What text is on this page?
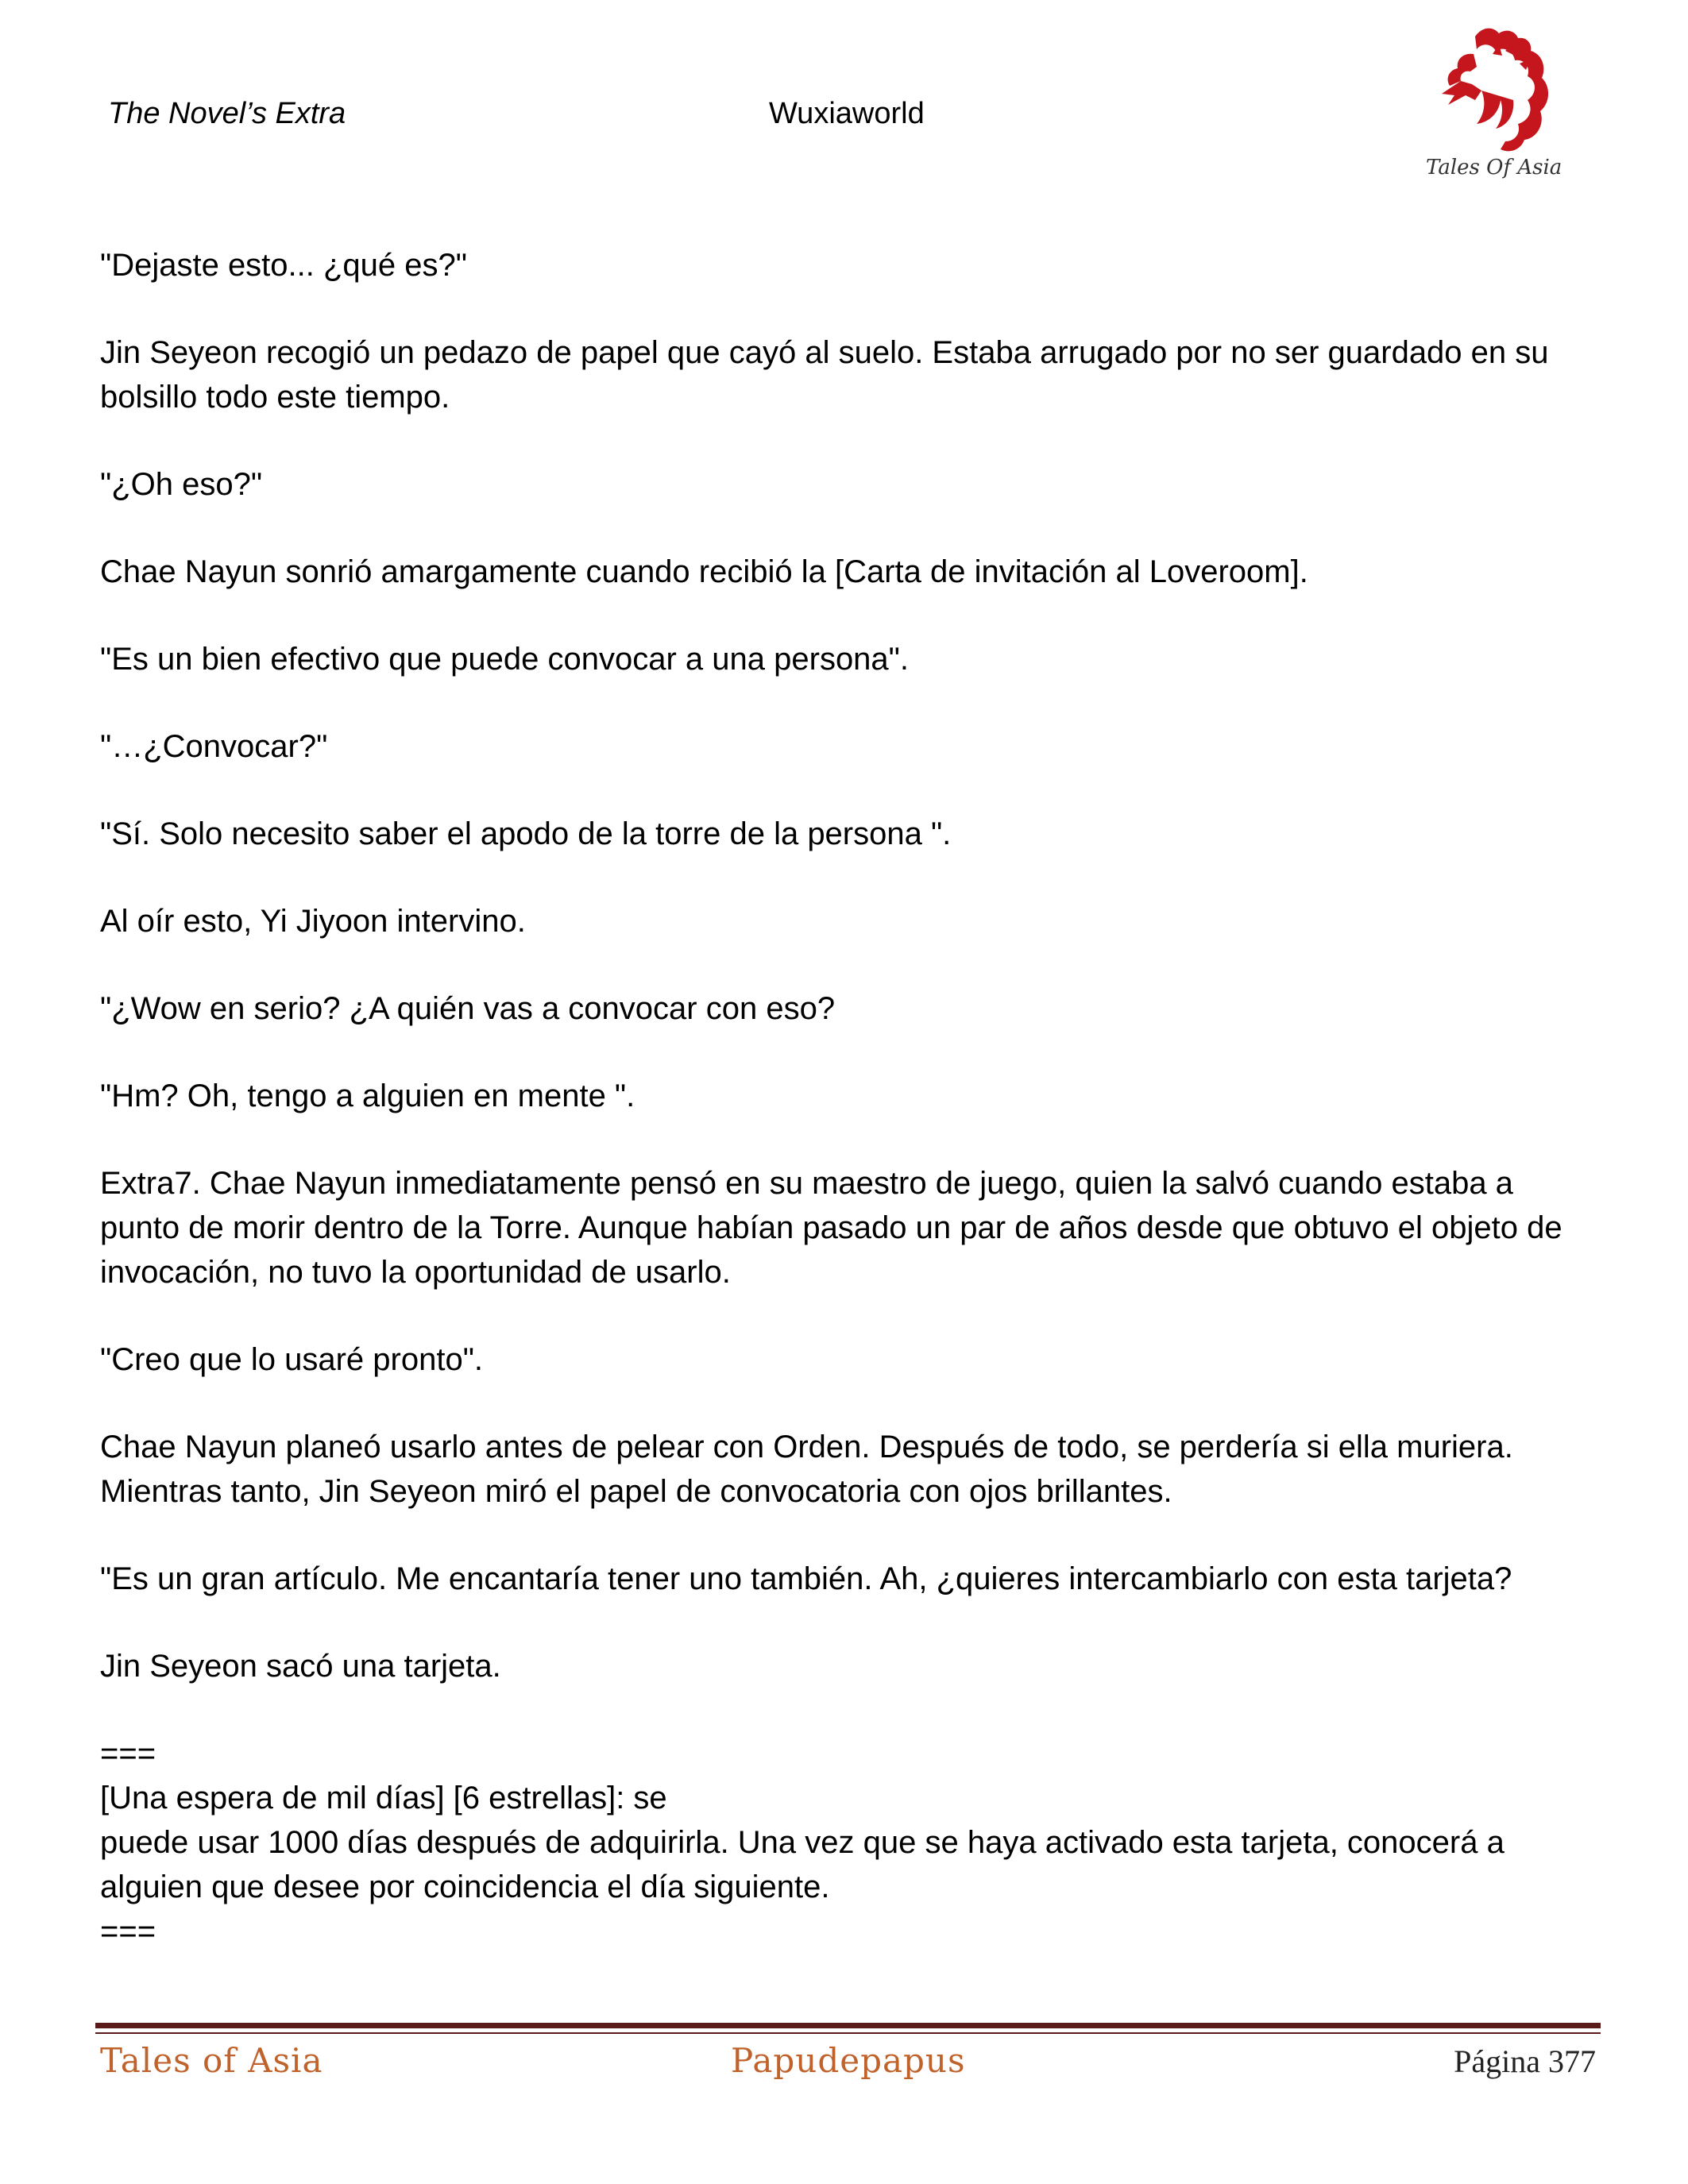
The Novel’s Extra	Wuxiaworld
Tales Of Asia

"Dejaste esto... ¿qué es?"

Jin Seyeon recogió un pedazo de papel que cayó al suelo. Estaba arrugado por no ser guardado en su bolsillo todo este tiempo.

"¿Oh eso?"

Chae Nayun sonrió amargamente cuando recibió la [Carta de invitación al Loveroom].

"Es un bien efectivo que puede convocar a una persona".

"…¿Convocar?"

"Sí. Solo necesito saber el apodo de la torre de la persona ".

Al oír esto, Yi Jiyoon intervino.

"¿Wow en serio? ¿A quién vas a convocar con eso?

"Hm? Oh, tengo a alguien en mente ".

Extra7. Chae Nayun inmediatamente pensó en su maestro de juego, quien la salvó cuando estaba a punto de morir dentro de la Torre. Aunque habían pasado un par de años desde que obtuvo el objeto de invocación, no tuvo la oportunidad de usarlo.

"Creo que lo usaré pronto".

Chae Nayun planeó usarlo antes de pelear con Orden. Después de todo, se perdería si ella muriera. Mientras tanto, Jin Seyeon miró el papel de convocatoria con ojos brillantes.

"Es un gran artículo. Me encantaría tener uno también. Ah, ¿quieres intercambiarlo con esta tarjeta?

Jin Seyeon sacó una tarjeta.

===

[Una espera de mil días] [6 estrellas]: se

puede usar 1000 días después de adquirirla. Una vez que se haya activado esta tarjeta, conocerá a alguien que desee por coincidencia el día siguiente.

===

Tales of Asia	Papudepapus	Página 377
